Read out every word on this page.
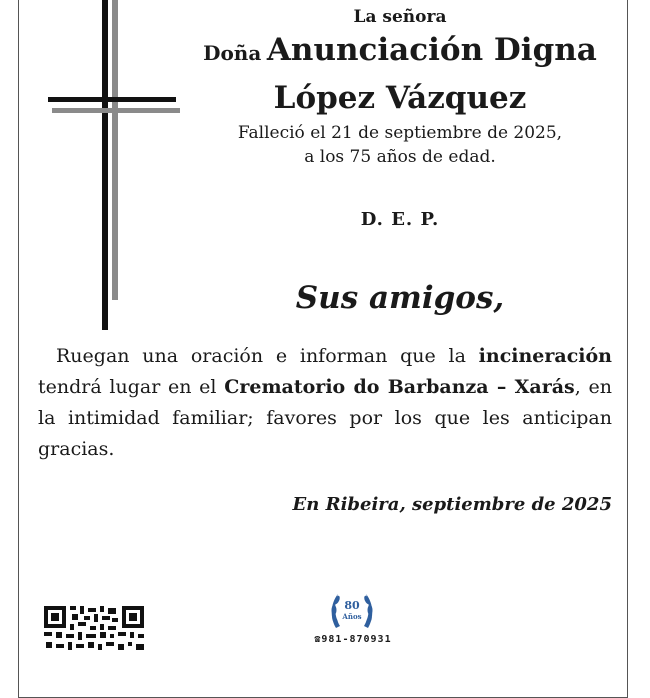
La señora
Doña Anunciación Digna
López Vázquez
Falleció el 21 de septiembre de 2025,
a los 75 años de edad.
D. E. P.
Sus amigos,
Ruegan una oración e informan que la incineración tendrá lugar en el Crematorio do Barbanza – Xarás, en la intimidad familiar; favores por los que les anticipan gracias.
En Ribeira, septiembre de 2025
80
Años
☎981-870931
